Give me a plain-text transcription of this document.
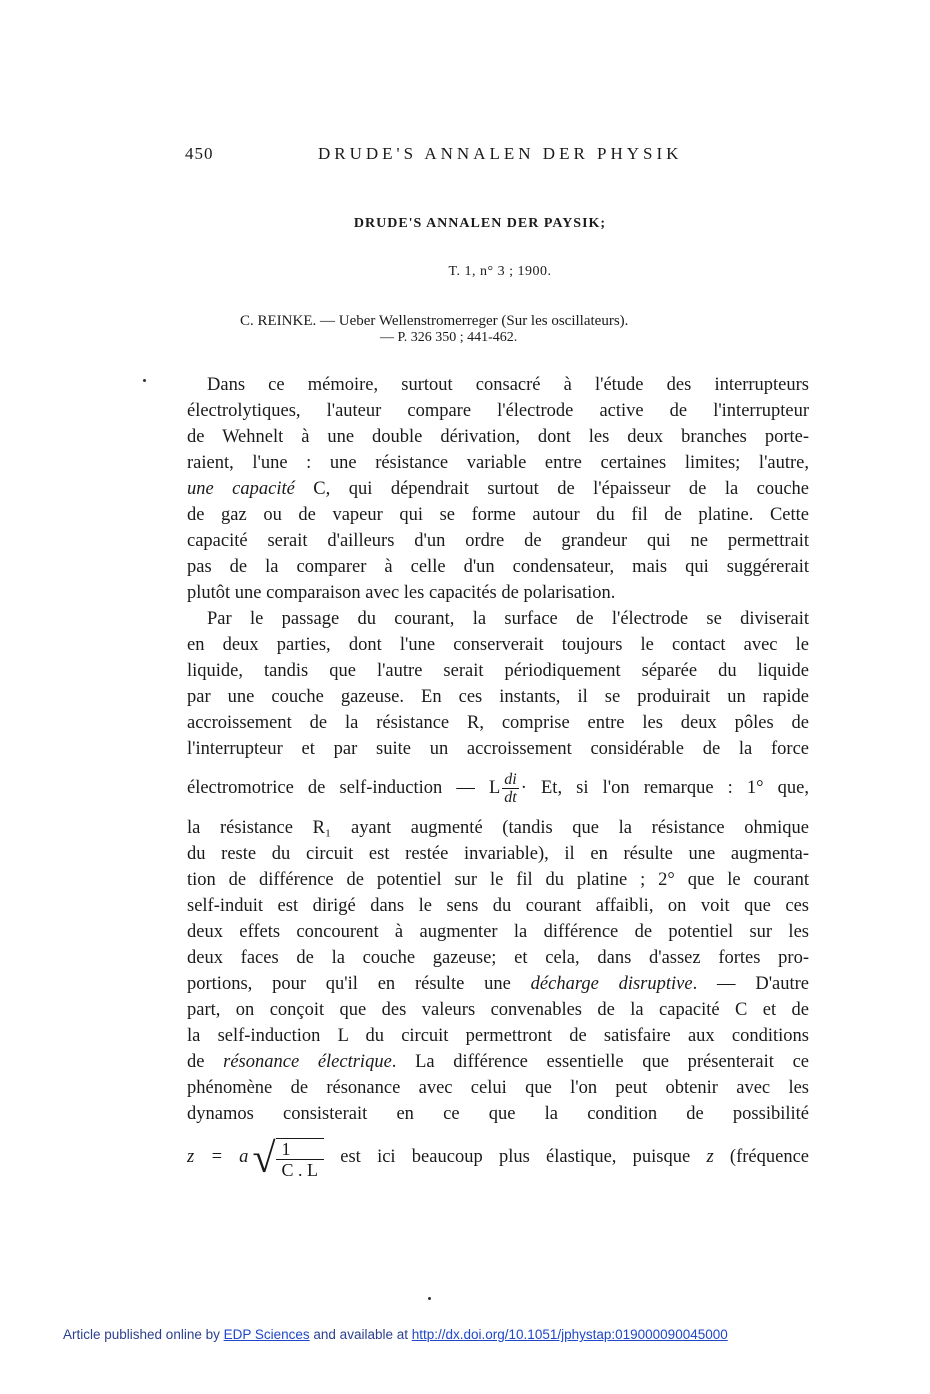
450	DRUDE'S ANNALEN DER PHYSIK
DRUDE'S ANNALEN DER PAYSIK;
T. 1, n° 3 ; 1900.
C. REINKE. — Ueber Wellenstromerreger (Sur les oscillateurs).
— P. 326 350 ; 441-462.
Dans ce mémoire, surtout consacré à l'étude des interrupteurs
électrolytiques, l'auteur compare l'électrode active de l'interrupteur
de Wehnelt à une double dérivation, dont les deux branches porte-
raient, l'une : une résistance variable entre certaines limites; l'autre,
une capacité C, qui dépendrait surtout de l'épaisseur de la couche
de gaz ou de vapeur qui se forme autour du fil de platine. Cette
capacité serait d'ailleurs d'un ordre de grandeur qui ne permettrait
pas de la comparer à celle d'un condensateur, mais qui suggérerait
plutôt une comparaison avec les capacités de polarisation.
Par le passage du courant, la surface de l'électrode se diviserait
en deux parties, dont l'une conserverait toujours le contact avec le
liquide, tandis que l'autre serait périodiquement séparée du liquide
par une couche gazeuse. En ces instants, il se produirait un rapide
accroissement de la résistance R, comprise entre les deux pôles de
l'interrupteur et par suite un accroissement considérable de la force
électromotrice de self-induction — L $\frac{di}{dt} \cdot Et$, si l'on remarque : 1° que,
la résistance R₁ ayant augmenté (tandis que la résistance ohmique
du reste du circuit est restée invariable), il en résulte une augmenta-
tion de différence de potentiel sur le fil du platine ; 2° que le courant
self-induit est dirigé dans le sens du courant affaibli, on voit que ces
deux effets concourent à augmenter la différence de potentiel sur les
deux faces de la couche gazeuse; et cela, dans d'assez fortes pro-
portions, pour qu'il en résulte une décharge disruptive. — D'autre
part, on conçoit que des valeurs convenables de la capacité C et de
la self-induction L du circuit permettront de satisfaire aux conditions
de résonance électrique. La différence essentielle que présenterait ce
phénomène de résonance avec celui que l'on peut obtenir avec les
dynamos consisterait en ce que la condition de possibilité
$z = a√ \frac{1}{C . L}$ est ici beaucoup plus élastique, puisque z (fréquence
Article published online by EDP Sciences and available at http://dx.doi.org/10.1051/jphystap:019000090045000
